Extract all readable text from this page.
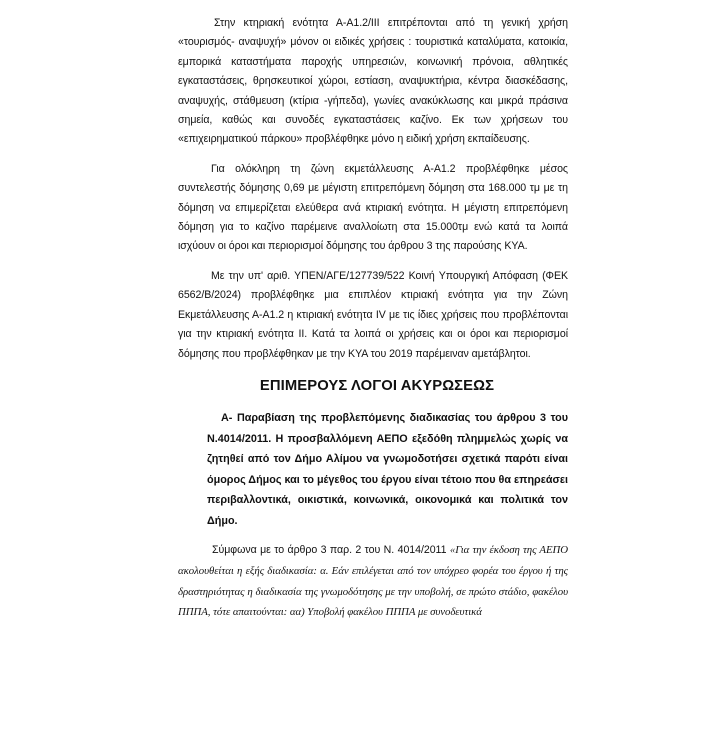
Στην κτηριακή ενότητα Α-Α1.2/ΙΙΙ επιτρέπονται από τη γενική χρήση «τουρισμός- αναψυχή» μόνον οι ειδικές χρήσεις : τουριστικά καταλύματα, κατοικία, εμπορικά καταστήματα παροχής υπηρεσιών, κοινωνική πρόνοια, αθλητικές εγκαταστάσεις, θρησκευτικοί χώροι, εστίαση, αναψυκτήρια, κέντρα διασκέδασης, αναψυχής, στάθμευση (κτίρια -γήπεδα), γωνίες ανακύκλωσης και μικρά πράσινα σημεία, καθώς και συνοδές εγκαταστάσεις καζίνο. Εκ των χρήσεων του «επιχειρηματικού πάρκου» προβλέφθηκε μόνο η ειδική χρήση εκπαίδευσης.

Για ολόκληρη τη ζώνη εκμετάλλευσης Α-Α1.2 προβλέφθηκε μέσος συντελεστής δόμησης 0,69 με μέγιστη επιτρεπόμενη δόμηση στα 168.000 τμ με τη δόμηση να επιμερίζεται ελεύθερα ανά κτιριακή ενότητα. Η μέγιστη επιτρεπόμενη δόμηση για το καζίνο παρέμεινε αναλλοίωτη στα 15.000τμ ενώ κατά τα λοιπά ισχύουν οι όροι και περιορισμοί δόμησης του άρθρου 3 της παρούσης ΚΥΑ.

Με την υπ' αριθ. ΥΠΕΝ/ΑΓΕ/127739/522 Κοινή Υπουργική Απόφαση (ΦΕΚ 6562/Β/2024) προβλέφθηκε μια επιπλέον κτιριακή ενότητα για την Ζώνη Εκμετάλλευσης Α-Α1.2 η κτιριακή ενότητα IV με τις ίδιες χρήσεις που προβλέπονται για την κτιριακή ενότητα ΙΙ. Κατά τα λοιπά οι χρήσεις και οι όροι και περιορισμοί δόμησης που προβλέφθηκαν με την ΚΥΑ του 2019 παρέμειναν αμετάβλητοι.

ΕΠΙΜΕΡΟΥΣ ΛΟΓΟΙ ΑΚΥΡΩΣΕΩΣ
Α- Παραβίαση της προβλεπόμενης διαδικασίας του άρθρου 3 του Ν.4014/2011. Η προσβαλλόμενη ΑΕΠΟ εξεδόθη πλημμελώς χωρίς να ζητηθεί από τον Δήμο Αλίμου να γνωμοδοτήσει σχετικά παρότι είναι όμορος Δήμος και το μέγεθος του έργου είναι τέτοιο που θα επηρεάσει περιβαλλοντικά, οικιστικά, κοινωνικά, οικονομικά και πολιτικά τον Δήμο.

Σύμφωνα με το άρθρο 3 παρ. 2 του Ν. 4014/2011 «Για την έκδοση της ΑΕΠΟ ακολουθείται η εξής διαδικασία: α. Εάν επιλέγεται από τον υπόχρεο φορέα του έργου ή της δραστηριότητας η διαδικασία της γνωμοδότησης με την υποβολή, σε πρώτο στάδιο, φακέλου ΠΠΠΑ, τότε απαιτούνται: αα) Υποβολή φακέλου ΠΠΠΑ με συνοδευτικά
